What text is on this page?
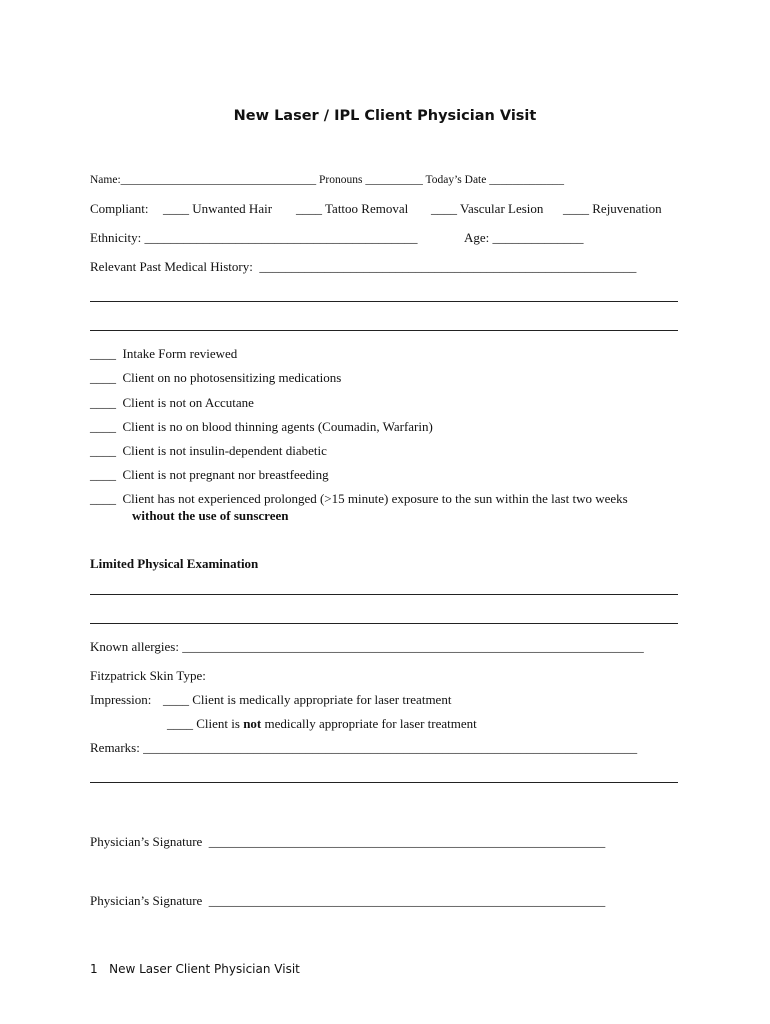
New Laser / IPL Client Physician Visit
Name:__________________________________ Pronouns __________ Today’s Date _____________
Compliant: ____ Unwanted Hair ____ Tattoo Removal ____ Vascular Lesion ____ Rejuvenation
Ethnicity: __________________________________________	Age: ______________
Relevant Past Medical History: __________________________________________________________
____ Intake Form reviewed
____ Client on no photosensitizing medications
____ Client is not on Accutane
____ Client is no on blood thinning agents (Coumadin, Warfarin)
____ Client is not insulin-dependent diabetic
____ Client is not pregnant nor breastfeeding
____ Client has not experienced prolonged (>15 minute) exposure to the sun within the last two weeks
without the use of sunscreen
Limited Physical Examination
Known allergies: _______________________________________________________________________
Fitzpatrick Skin Type:
Impression: ____ Client is medically appropriate for laser treatment
____ Client is not medically appropriate for laser treatment
Remarks: ____________________________________________________________________________
Physician’s Signature _____________________________________________________________
Physician’s Signature _____________________________________________________________
1 New Laser Client Physician Visit
